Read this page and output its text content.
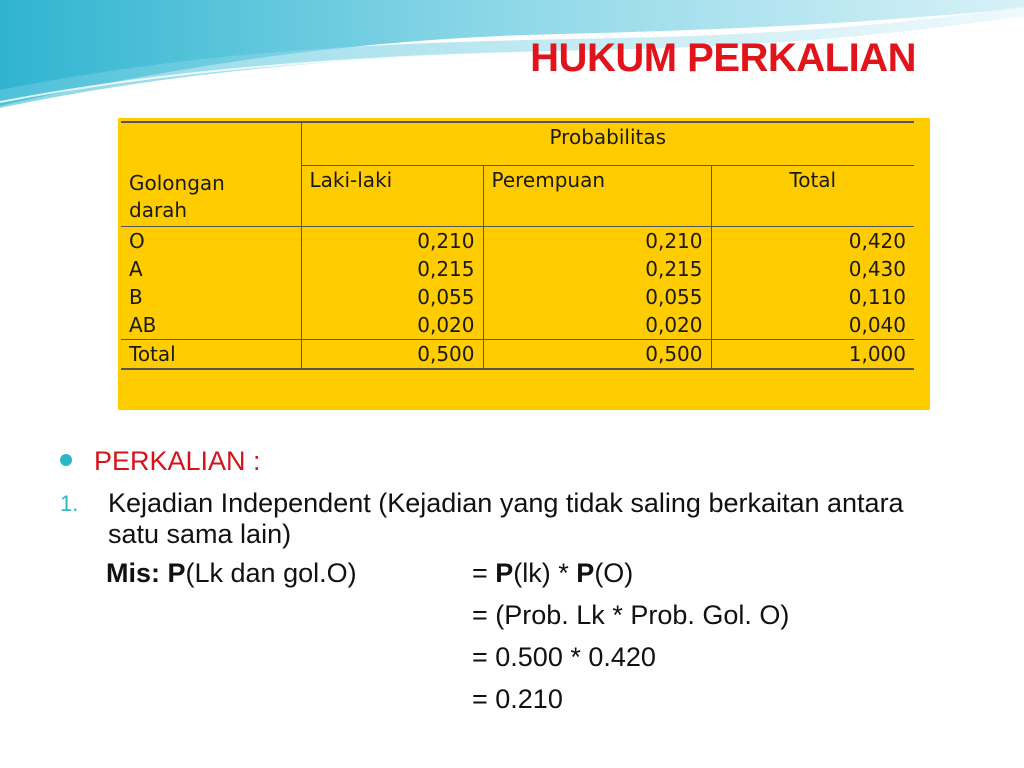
HUKUM PERKALIAN
	Probabilitas		
Golongan
darah	Laki-laki	Perempuan	Total
O	0,210	0,210	0,420
A	0,215	0,215	0,430
B	0,055	0,055	0,110
AB	0,020	0,020	0,040
Total	0,500	0,500	1,000
PERKALIAN :
1. Kejadian Independent (Kejadian yang tidak saling berkaitan antara satu sama lain)
Mis: P(Lk dan gol.O)	= P(lk) * P(O)
= (Prob. Lk * Prob. Gol. O)
= 0.500 * 0.420
= 0.210
